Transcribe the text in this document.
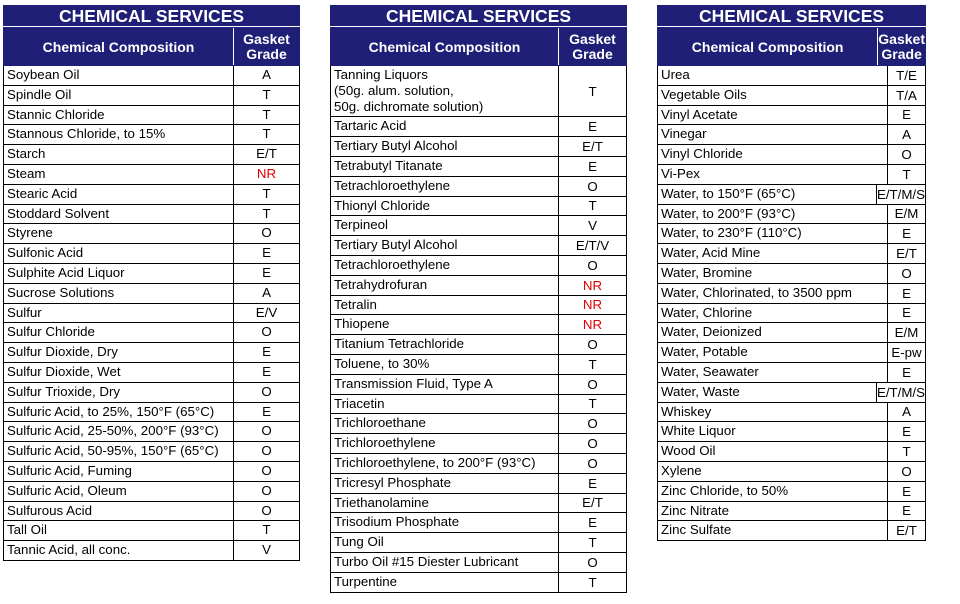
CHEMICAL SERVICES
Chemical Composition	Gasket Grade
Soybean Oil	A
Spindle Oil	T
Stannic Chloride	T
Stannous Chloride, to 15%	T
Starch	E/T
Steam	NR
Stearic Acid	T
Stoddard Solvent	T
Styrene	O
Sulfonic Acid	E
Sulphite Acid Liquor	E
Sucrose Solutions	A
Sulfur	E/V
Sulfur Chloride	O
Sulfur Dioxide, Dry	E
Sulfur Dioxide, Wet	E
Sulfur Trioxide, Dry	O
Sulfuric Acid, to 25%, 150°F (65°C)	E
Sulfuric Acid, 25-50%, 200°F (93°C)	O
Sulfuric Acid, 50-95%, 150°F (65°C)	O
Sulfuric Acid, Fuming	O
Sulfuric Acid, Oleum	O
Sulfurous Acid	O
Tall Oil	T
Tannic Acid, all conc.	V
CHEMICAL SERVICES
Chemical Composition	Gasket Grade
Tanning Liquors
(50g. alum. solution,
50g. dichromate solution)
T
Tartaric Acid	E
Tertiary Butyl Alcohol	E/T
Tetrabutyl Titanate	E
Tetrachloroethylene	O
Thionyl Chloride	T
Terpineol	V
Tertiary Butyl Alcohol	E/T/V
Tetrachloroethylene	O
Tetrahydrofuran	NR
Tetralin	NR
Thiopene	NR
Titanium Tetrachloride	O
Toluene, to 30%	T
Transmission Fluid, Type A	O
Triacetin	T
Trichloroethane	O
Trichloroethylene	O
Trichloroethylene, to 200°F (93°C)	O
Tricresyl Phosphate	E
Triethanolamine	E/T
Trisodium Phosphate	E
Tung Oil	T
Turbo Oil #15 Diester Lubricant	O
Turpentine	T
CHEMICAL SERVICES
Chemical Composition	Gasket Grade
Urea	T/E
Vegetable Oils	T/A
Vinyl Acetate	E
Vinegar	A
Vinyl Chloride	O
Vi-Pex	T
Water, to 150°F (65°C)	E/T/M/S
Water, to 200°F (93°C)	E/M
Water, to 230°F (110°C)	E
Water, Acid Mine	E/T
Water, Bromine	O
Water, Chlorinated, to 3500 ppm	E
Water, Chlorine	E
Water, Deionized	E/M
Water, Potable	E-pw
Water, Seawater	E
Water, Waste	E/T/M/S
Whiskey	A
White Liquor	E
Wood Oil	T
Xylene	O
Zinc Chloride, to 50%	E
Zinc Nitrate	E
Zinc Sulfate	E/T
